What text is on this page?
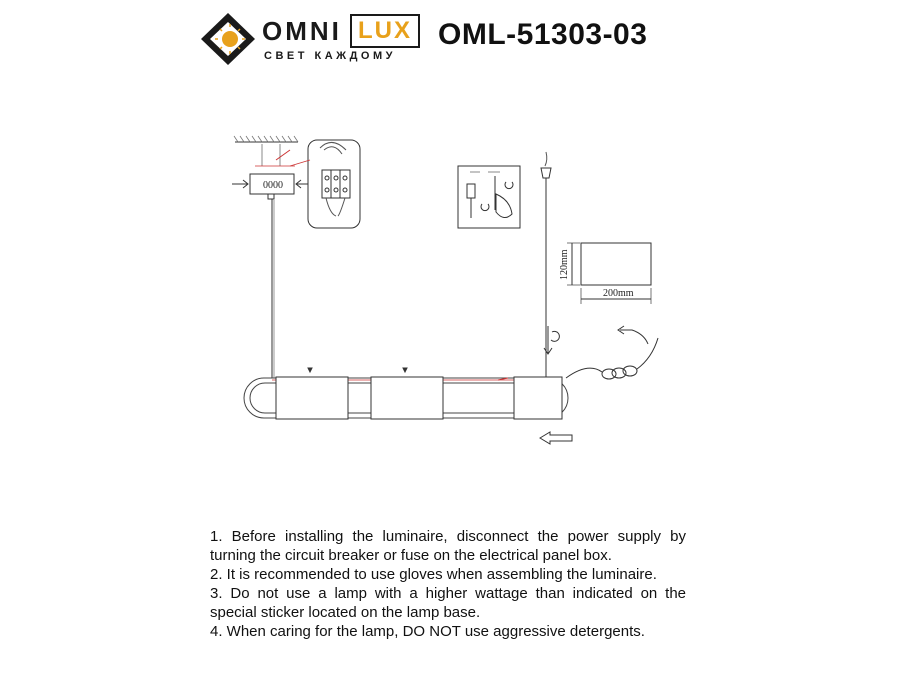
OMNI LUX
СВЕТ КАЖДОМУ
OML-51303-03
0000
120mm
200mm
1. Before installing the luminaire, disconnect the power supply by turning the circuit breaker or fuse on the electrical panel box.
2. It is recommended to use gloves when assembling the luminaire.
3. Do not use a lamp with a higher wattage than indicated on the special sticker located on the lamp base.
4. When caring for the lamp, DO NOT use aggressive detergents.
